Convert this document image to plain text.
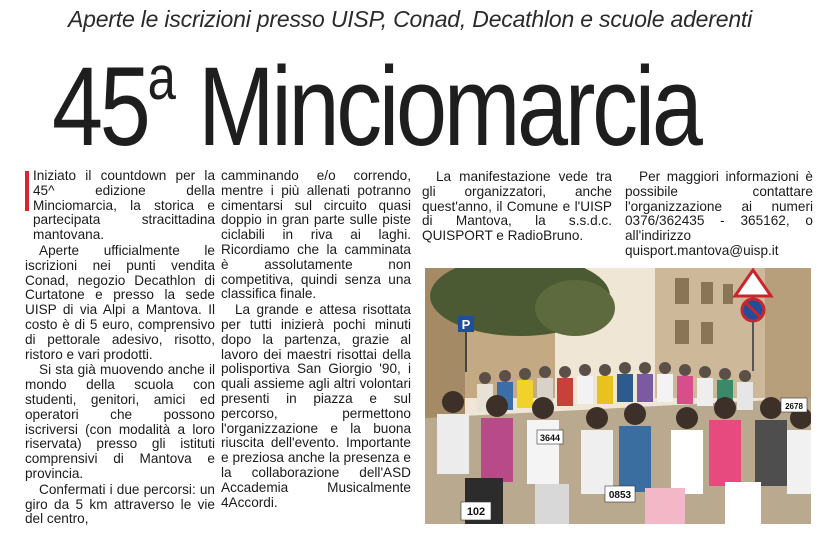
Aperte le iscrizioni presso UISP, Conad, Decathlon e scuole aderenti
45$^a$ Minciomarcia

Iniziato il countdown per la 45^ edizione della Minciomarcia, la storica e partecipata stracittadina mantovana.

Aperte ufficialmente le iscrizioni nei punti vendita Conad, negozio Decathlon di Curtatone e presso la sede UISP di via Alpi a Mantova. Il costo è di 5 euro, comprensivo di pettorale adesivo, risotto, ristoro e vari prodotti.

Si sta già muovendo anche il mondo della scuola con studenti, genitori, amici ed operatori che possono iscriversi (con modalità a loro riservata) presso gli istituti comprensivi di Mantova e provincia.

Confermati i due percorsi: un giro da 5 km attraverso le vie del centro,

camminando e/o correndo, mentre i più allenati potranno cimentarsi sul circuito quasi doppio in gran parte sulle piste ciclabili in riva ai laghi. Ricordiamo che la camminata è assolutamente non competitiva, quindi senza una classifica finale.

La grande e attesa risottata per tutti inizierà pochi minuti dopo la partenza, grazie al lavoro dei maestri risottai della polisportiva San Giorgio '90, i quali assieme agli altri volontari presenti in piazza e sul percorso, permettono l'organizzazione e la buona riuscita dell'evento. Importante e preziosa anche la presenza e la collaborazione dell'ASD Accademia Musicalmente 4Accordi.

La manifestazione vede tra gli organizzatori, anche quest'anno, il Comune e l'UISP di Mantova, la s.s.d.c. QUISPORT e RadioBruno.

Per maggiori informazioni è possibile contattare l'organizzazione ai numeri 0376/362435 - 365162, o all'indirizzo quisport.mantova@uisp.it

P
3644
0853
102
2678
